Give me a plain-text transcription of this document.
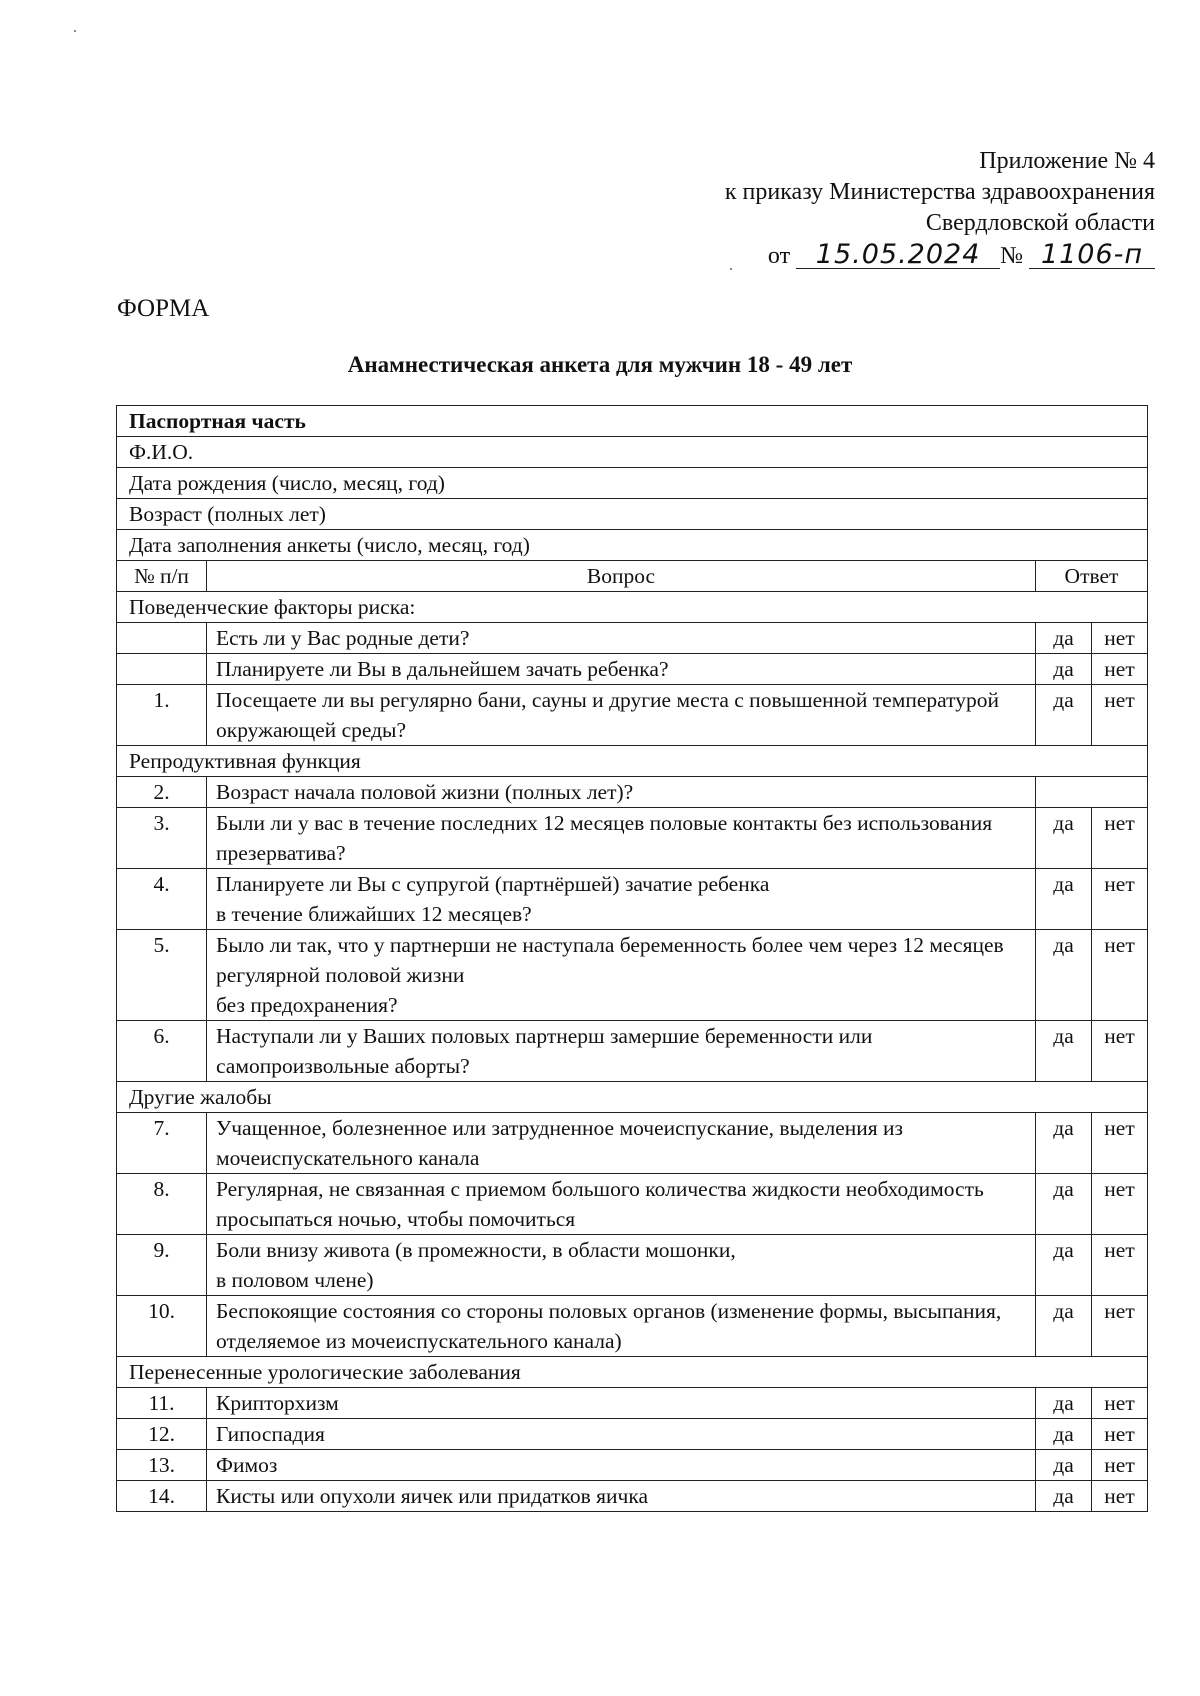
Приложение № 4
к приказу Министерства здравоохранения
Свердловской области
от 15.05.2024 № 1106-п
ФОРМА
Анамнестическая анкета для мужчин 18 - 49 лет
Паспортная часть			
Ф.И.О.			
Дата рождения (число, месяц, год)			
Возраст (полных лет)			
Дата заполнения анкеты (число, месяц, год)			
№ п/п	Вопрос	Ответ	
Поведенческие факторы риска:			
	Есть ли у Вас родные дети?	да	нет
	Планируете ли Вы в дальнейшем зачать ребенка?	да	нет
1.	Посещаете ли вы регулярно бани, сауны и другие места с повышенной температурой окружающей среды?	да	нет
Репродуктивная функция			
2.	Возраст начала половой жизни (полных лет)?		
3.	Были ли у вас в течение последних 12 месяцев половые контакты без использования презерватива?	да	нет
4.	Планируете ли Вы с супругой (партнёршей) зачатие ребенка
в течение ближайших 12 месяцев?	да	нет
5.	Было ли так, что у партнерши не наступала беременность более чем через 12 месяцев регулярной половой жизни
без предохранения?	да	нет
6.	Наступали ли у Ваших половых партнерш замершие беременности или самопроизвольные аборты?	да	нет
Другие жалобы			
7.	Учащенное, болезненное или затрудненное мочеиспускание, выделения из мочеиспускательного канала	да	нет
8.	Регулярная, не связанная с приемом большого количества жидкости необходимость просыпаться ночью, чтобы помочиться	да	нет
9.	Боли внизу живота (в промежности, в области мошонки,
в половом члене)	да	нет
10.	Беспокоящие состояния со стороны половых органов (изменение формы, высыпания, отделяемое из мочеиспускательного канала)	да	нет
Перенесенные урологические заболевания			
11.	Крипторхизм	да	нет
12.	Гипоспадия	да	нет
13.	Фимоз	да	нет
14.	Кисты или опухоли яичек или придатков яичка	да	нет
